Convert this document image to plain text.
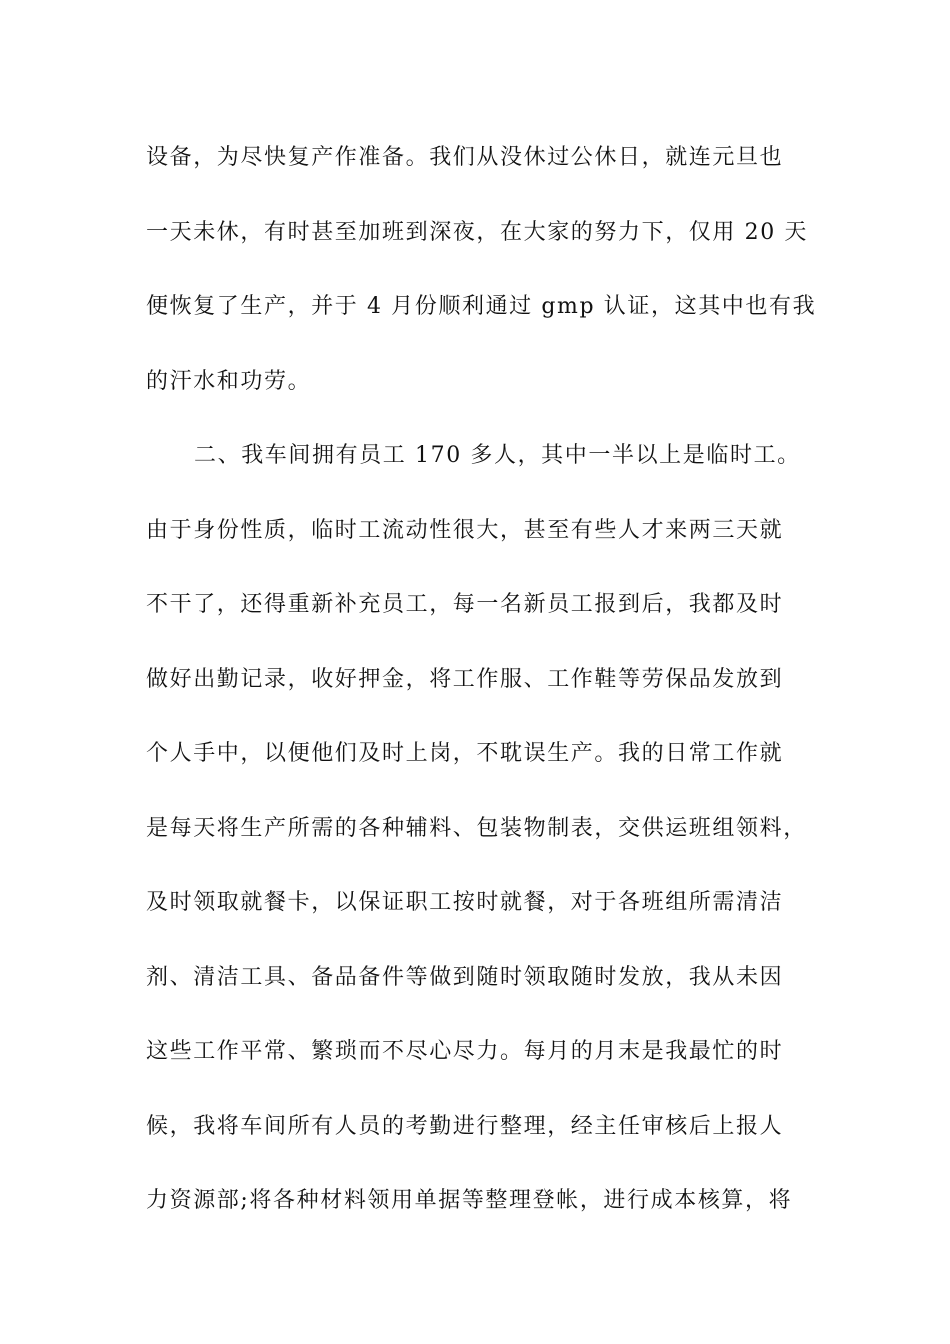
设备，为尽快复产作准备。我们从没休过公休日，就连元旦也
一天未休，有时甚至加班到深夜，在大家的努力下，仅用 20 天
便恢复了生产，并于 4 月份顺利通过 gmp 认证，这其中也有我
的汗水和功劳。
二、我车间拥有员工 170 多人，其中一半以上是临时工。
由于身份性质，临时工流动性很大，甚至有些人才来两三天就
不干了，还得重新补充员工，每一名新员工报到后，我都及时
做好出勤记录，收好押金，将工作服、工作鞋等劳保品发放到
个人手中，以便他们及时上岗，不耽误生产。我的日常工作就
是每天将生产所需的各种辅料、包装物制表，交供运班组领料，
及时领取就餐卡，以保证职工按时就餐，对于各班组所需清洁
剂、清洁工具、备品备件等做到随时领取随时发放，我从未因
这些工作平常、繁琐而不尽心尽力。每月的月末是我最忙的时
候，我将车间所有人员的考勤进行整理，经主任审核后上报人
力资源部;将各种材料领用单据等整理登帐，进行成本核算，将
